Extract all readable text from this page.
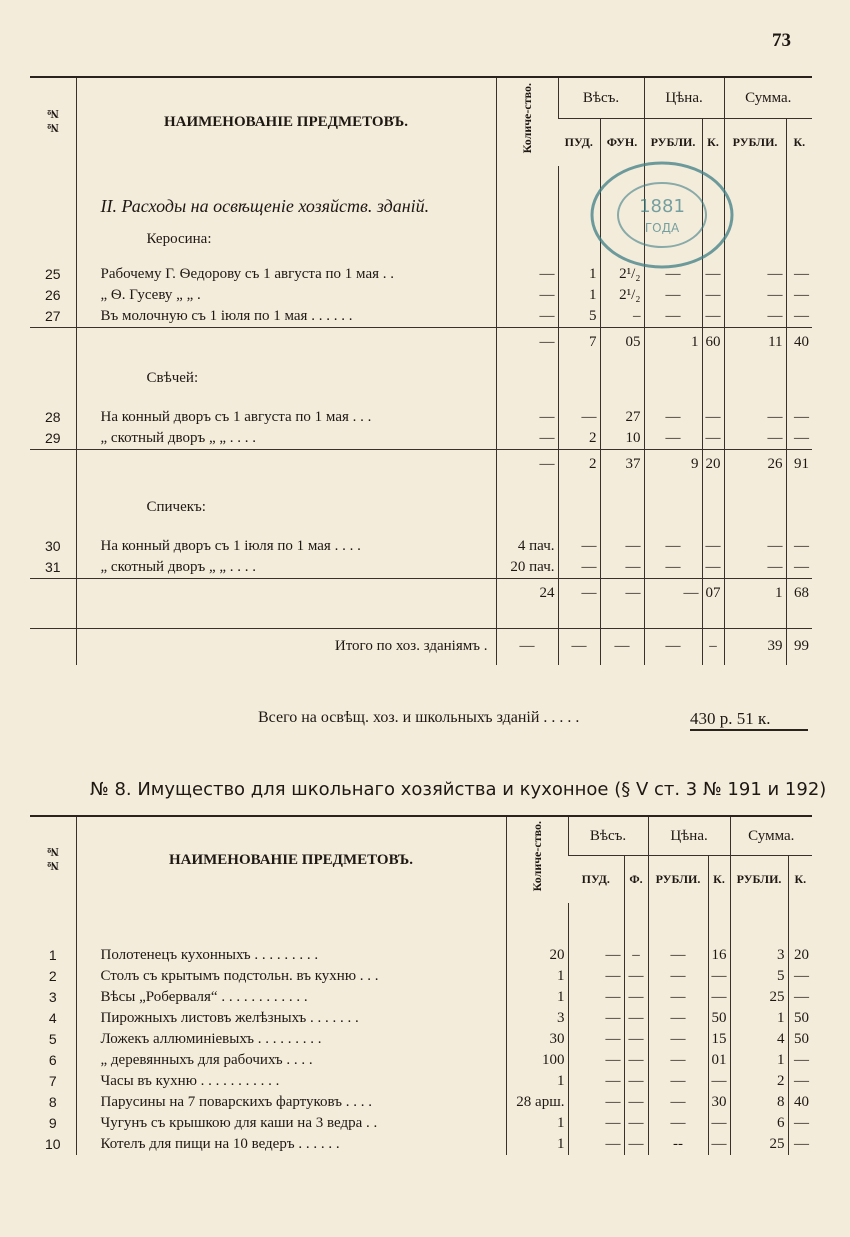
73
№№	НАИМЕНОВАНІЕ ПРЕДМЕТОВЪ.	Количе-ство.	Вѣсъ.		Цѣна.		Сумма.	
			ПУД.	ФУН.	РУБЛИ.	К.	РУБЛИ.	К.

	II. Расходы на освѣщеніе хозяйств. зданій.							

	Керосина:							

25	Рабочему Г. Ѳедорову съ 1 августа по 1 мая . .	—	1	2¹/₂	—	—	—	—
26	„ Ѳ. Гусеву „ „ .	—	1	2¹/₂	—	—	—	—
27	Въ молочную съ 1 іюля по 1 мая . . . . . .	—	5	–	—	—	—	—
		—	7	05	1	60	11	40

	Свѣчей:							

28	На конный дворъ съ 1 августа по 1 мая . . .	—	—	27	—	—	—	—
29	„ скотный дворъ „ „ . . . .	—	2	10	—	—	—	—
		—	2	37	9	20	26	91

	Спичекъ:							

30	На конный дворъ съ 1 іюля по 1 мая . . . .	4 пач.	—	—	—	—	—	—
31	„ скотный дворъ „ „ . . . .	20 пач.	—	—	—	—	—	—
		24	—	—	—	07	1	68

	Итого по хоз. зданіямъ .	—	—	—	—	–	39	99
Всего на освѣщ. хоз. и школьныхъ зданій . . . . .	430 р. 51 к.
№ 8. Имущество для школьнаго хозяйства и кухонное (§ V ст. 3 № 191 и 192)
№№	НАИМЕНОВАНІЕ ПРЕДМЕТОВЪ.	Количе-ство.	Вѣсъ.		Цѣна.		Сумма.	
			ПУД.	Ф.	РУБЛИ.	К.	РУБЛИ.	К.

1	Полотенецъ кухонныхъ . . . . . . . . .	20	—	–	—	16	3	20
2	Столъ съ крытымъ подстольн. въ кухню . . .	1	—	—	—	—	5	—
3	Вѣсы „Роберваля“ . . . . . . . . . . . .	1	—	—	—	—	25	—
4	Пирожныхъ листовъ желѣзныхъ . . . . . . .	3	—	—	—	50	1	50
5	Ложекъ аллюминіевыхъ . . . . . . . . .	30	—	—	—	15	4	50
6	„ деревянныхъ для рабочихъ . . . .	100	—	—	—	01	1	—
7	Часы въ кухню . . . . . . . . . . .	1	—	—	—	—	2	—
8	Парусины на 7 поварскихъ фартуковъ . . . .	28 арш.	—	—	—	30	8	40
9	Чугунъ съ крышкою для каши на 3 ведра . .	1	—	—	—	—	6	—
10	Котелъ для пищи на 10 ведеръ . . . . . .	1	—	—	--	—	25	—
1881
ГОДА
